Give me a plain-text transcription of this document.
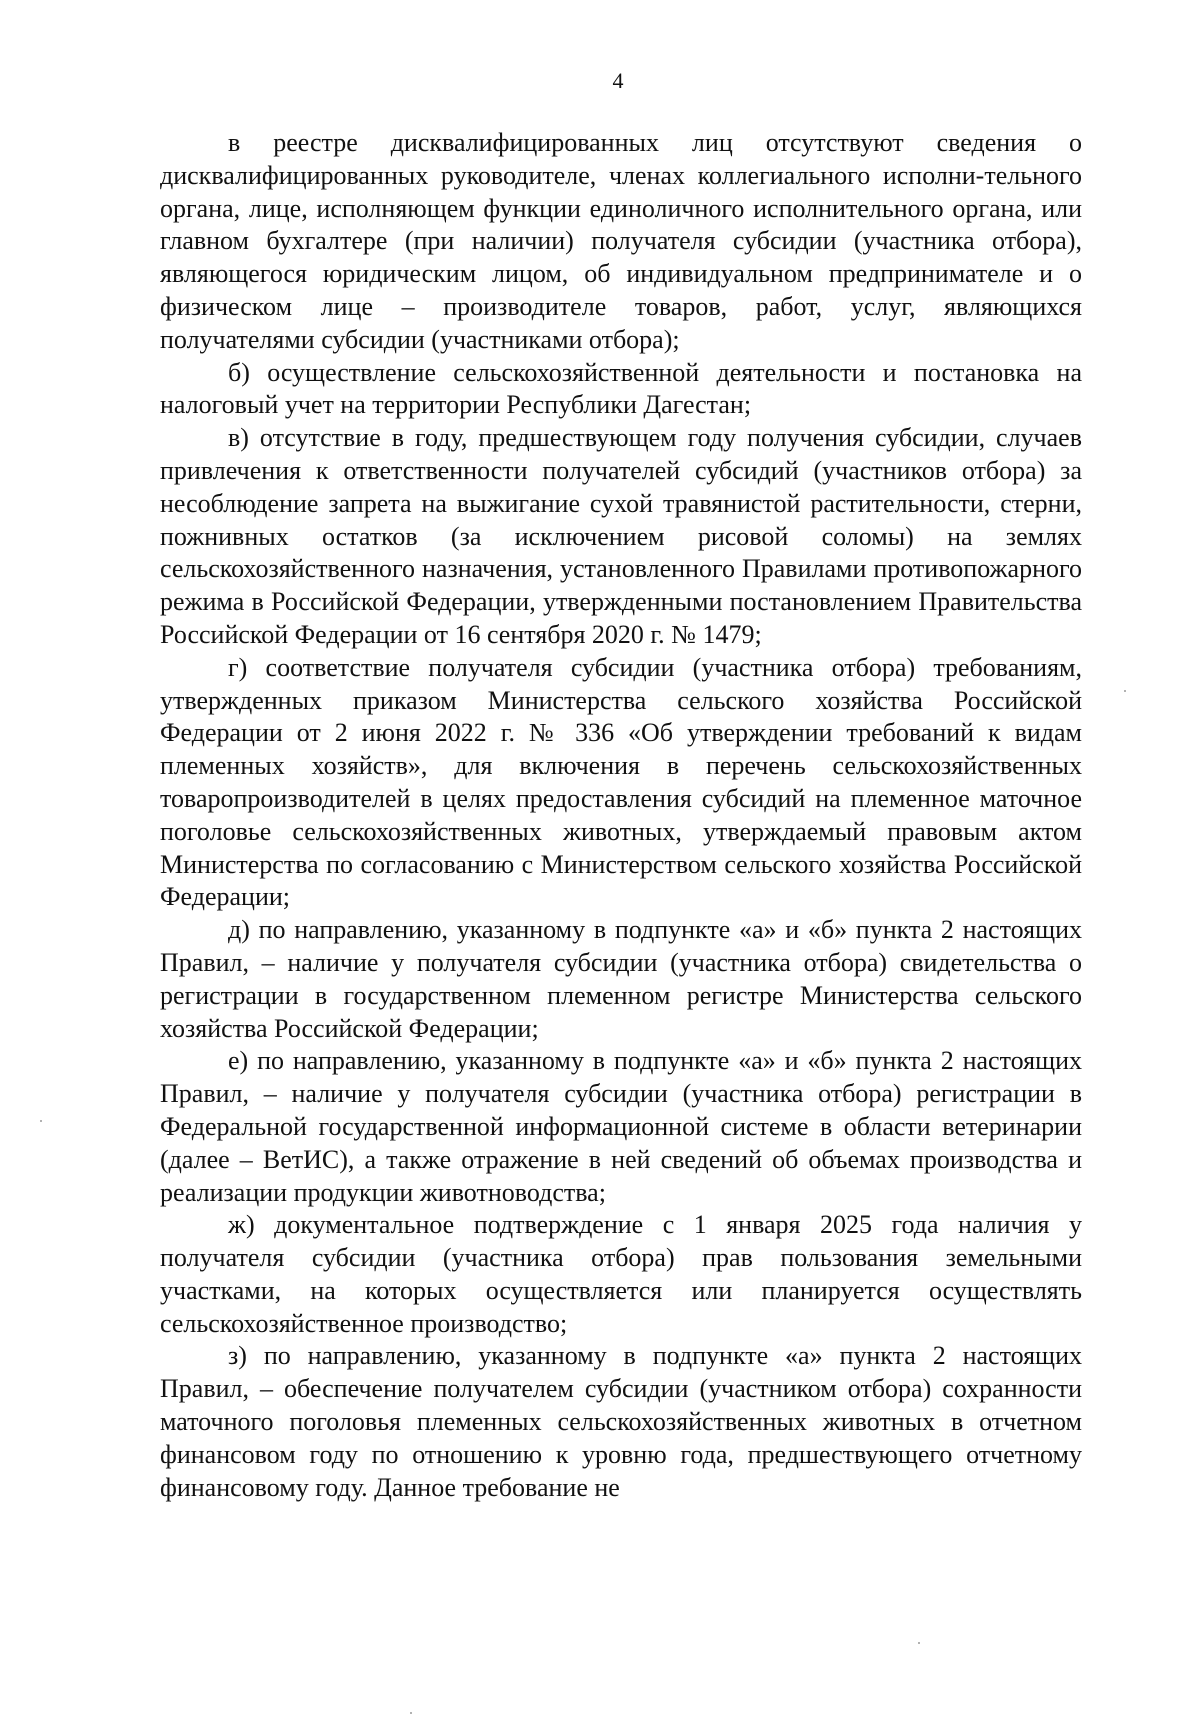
4

в реестре дисквалифицированных лиц отсутствуют сведения о дисквалифицированных руководителе, членах коллегиального исполни-тельного органа, лице, исполняющем функции единоличного исполнительного органа, или главном бухгалтере (при наличии) получателя субсидии (участника отбора), являющегося юридическим лицом, об индивидуальном предпринимателе и о физическом лице – производителе товаров, работ, услуг, являющихся получателями субсидии (участниками отбора);

б) осуществление сельскохозяйственной деятельности и постановка на налоговый учет на территории Республики Дагестан;

в) отсутствие в году, предшествующем году получения субсидии, случаев привлечения к ответственности получателей субсидий (участников отбора) за несоблюдение запрета на выжигание сухой травянистой растительности, стерни, пожнивных остатков (за исключением рисовой соломы) на землях сельскохозяйственного назначения, установленного Правилами противопожарного режима в Российской Федерации, утвержденными постановлением Правительства Российской Федерации от 16 сентября 2020 г. № 1479;

г) соответствие получателя субсидии (участника отбора) требованиям, утвержденных приказом Министерства сельского хозяйства Российской Федерации от 2 июня 2022 г. № 336 «Об утверждении требований к видам племенных хозяйств», для включения в перечень сельскохозяйственных товаропроизводителей в целях предоставления субсидий на племенное маточное поголовье сельскохозяйственных животных, утверждаемый правовым актом Министерства по согласованию с Министерством сельского хозяйства Российской Федерации;

д) по направлению, указанному в подпункте «а» и «б» пункта 2 настоящих Правил, – наличие у получателя субсидии (участника отбора) свидетельства о регистрации в государственном племенном регистре Министерства сельского хозяйства Российской Федерации;

е) по направлению, указанному в подпункте «а» и «б» пункта 2 настоящих Правил, – наличие у получателя субсидии (участника отбора) регистрации в Федеральной государственной информационной системе в области ветеринарии (далее – ВетИС), а также отражение в ней сведений об объемах производства и реализации продукции животноводства;

ж) документальное подтверждение с 1 января 2025 года наличия у получателя субсидии (участника отбора) прав пользования земельными участками, на которых осуществляется или планируется осуществлять сельскохозяйственное производство;

з) по направлению, указанному в подпункте «а» пункта 2 настоящих Правил, – обеспечение получателем субсидии (участником отбора) сохранности маточного поголовья племенных сельскохозяйственных животных в отчетном финансовом году по отношению к уровню года, предшествующего отчетному финансовому году. Данное требование не
